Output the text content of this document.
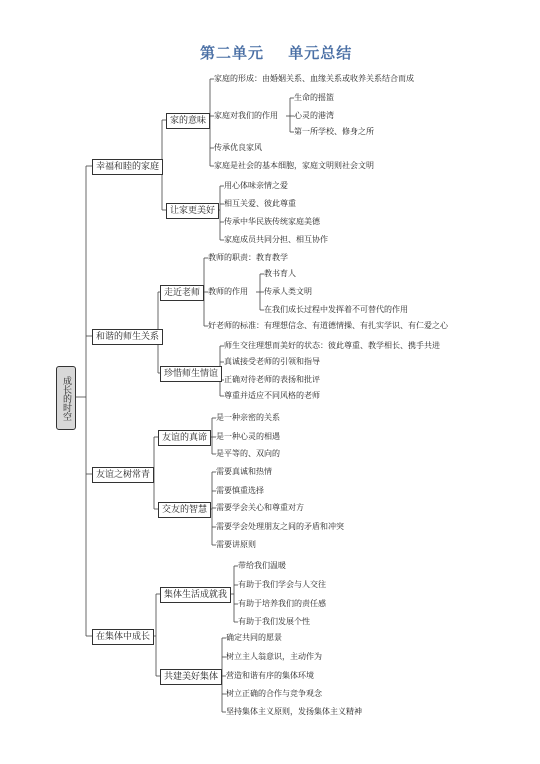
第二单元 单元总结
成长的时空
幸福和睦的家庭
家的意味
家庭的形成：由婚姻关系、血缘关系或收养关系结合而成
家庭对我们的作用
生命的摇篮
心灵的港湾
第一所学校、修身之所
传承优良家风
家庭是社会的基本细胞，家庭文明则社会文明
让家更美好
用心体味亲情之爱
相互关爱、彼此尊重
传承中华民族传统家庭美德
家庭成员共同分担、相互协作
和谐的师生关系
走近老师
教师的职责：教育教学
教师的作用
教书育人
传承人类文明
在我们成长过程中发挥着不可替代的作用
好老师的标准：有理想信念、有道德情操、有扎实学识、有仁爱之心
珍惜师生情谊
师生交往理想而美好的状态：彼此尊重、教学相长、携手共进
真诚接受老师的引领和指导
正确对待老师的表扬和批评
尊重并适应不同风格的老师
友谊之树常青
友谊的真谛
是一种亲密的关系
是一种心灵的相遇
是平等的、双向的
交友的智慧
需要真诚和热情
需要慎重选择
需要学会关心和尊重对方
需要学会处理朋友之间的矛盾和冲突
需要讲原则
在集体中成长
集体生活成就我
带给我们温暖
有助于我们学会与人交往
有助于培养我们的责任感
有助于我们发展个性
共建美好集体
确定共同的愿景
树立主人翁意识，主动作为
营造和谐有序的集体环境
树立正确的合作与竞争观念
坚持集体主义原则，发扬集体主义精神
